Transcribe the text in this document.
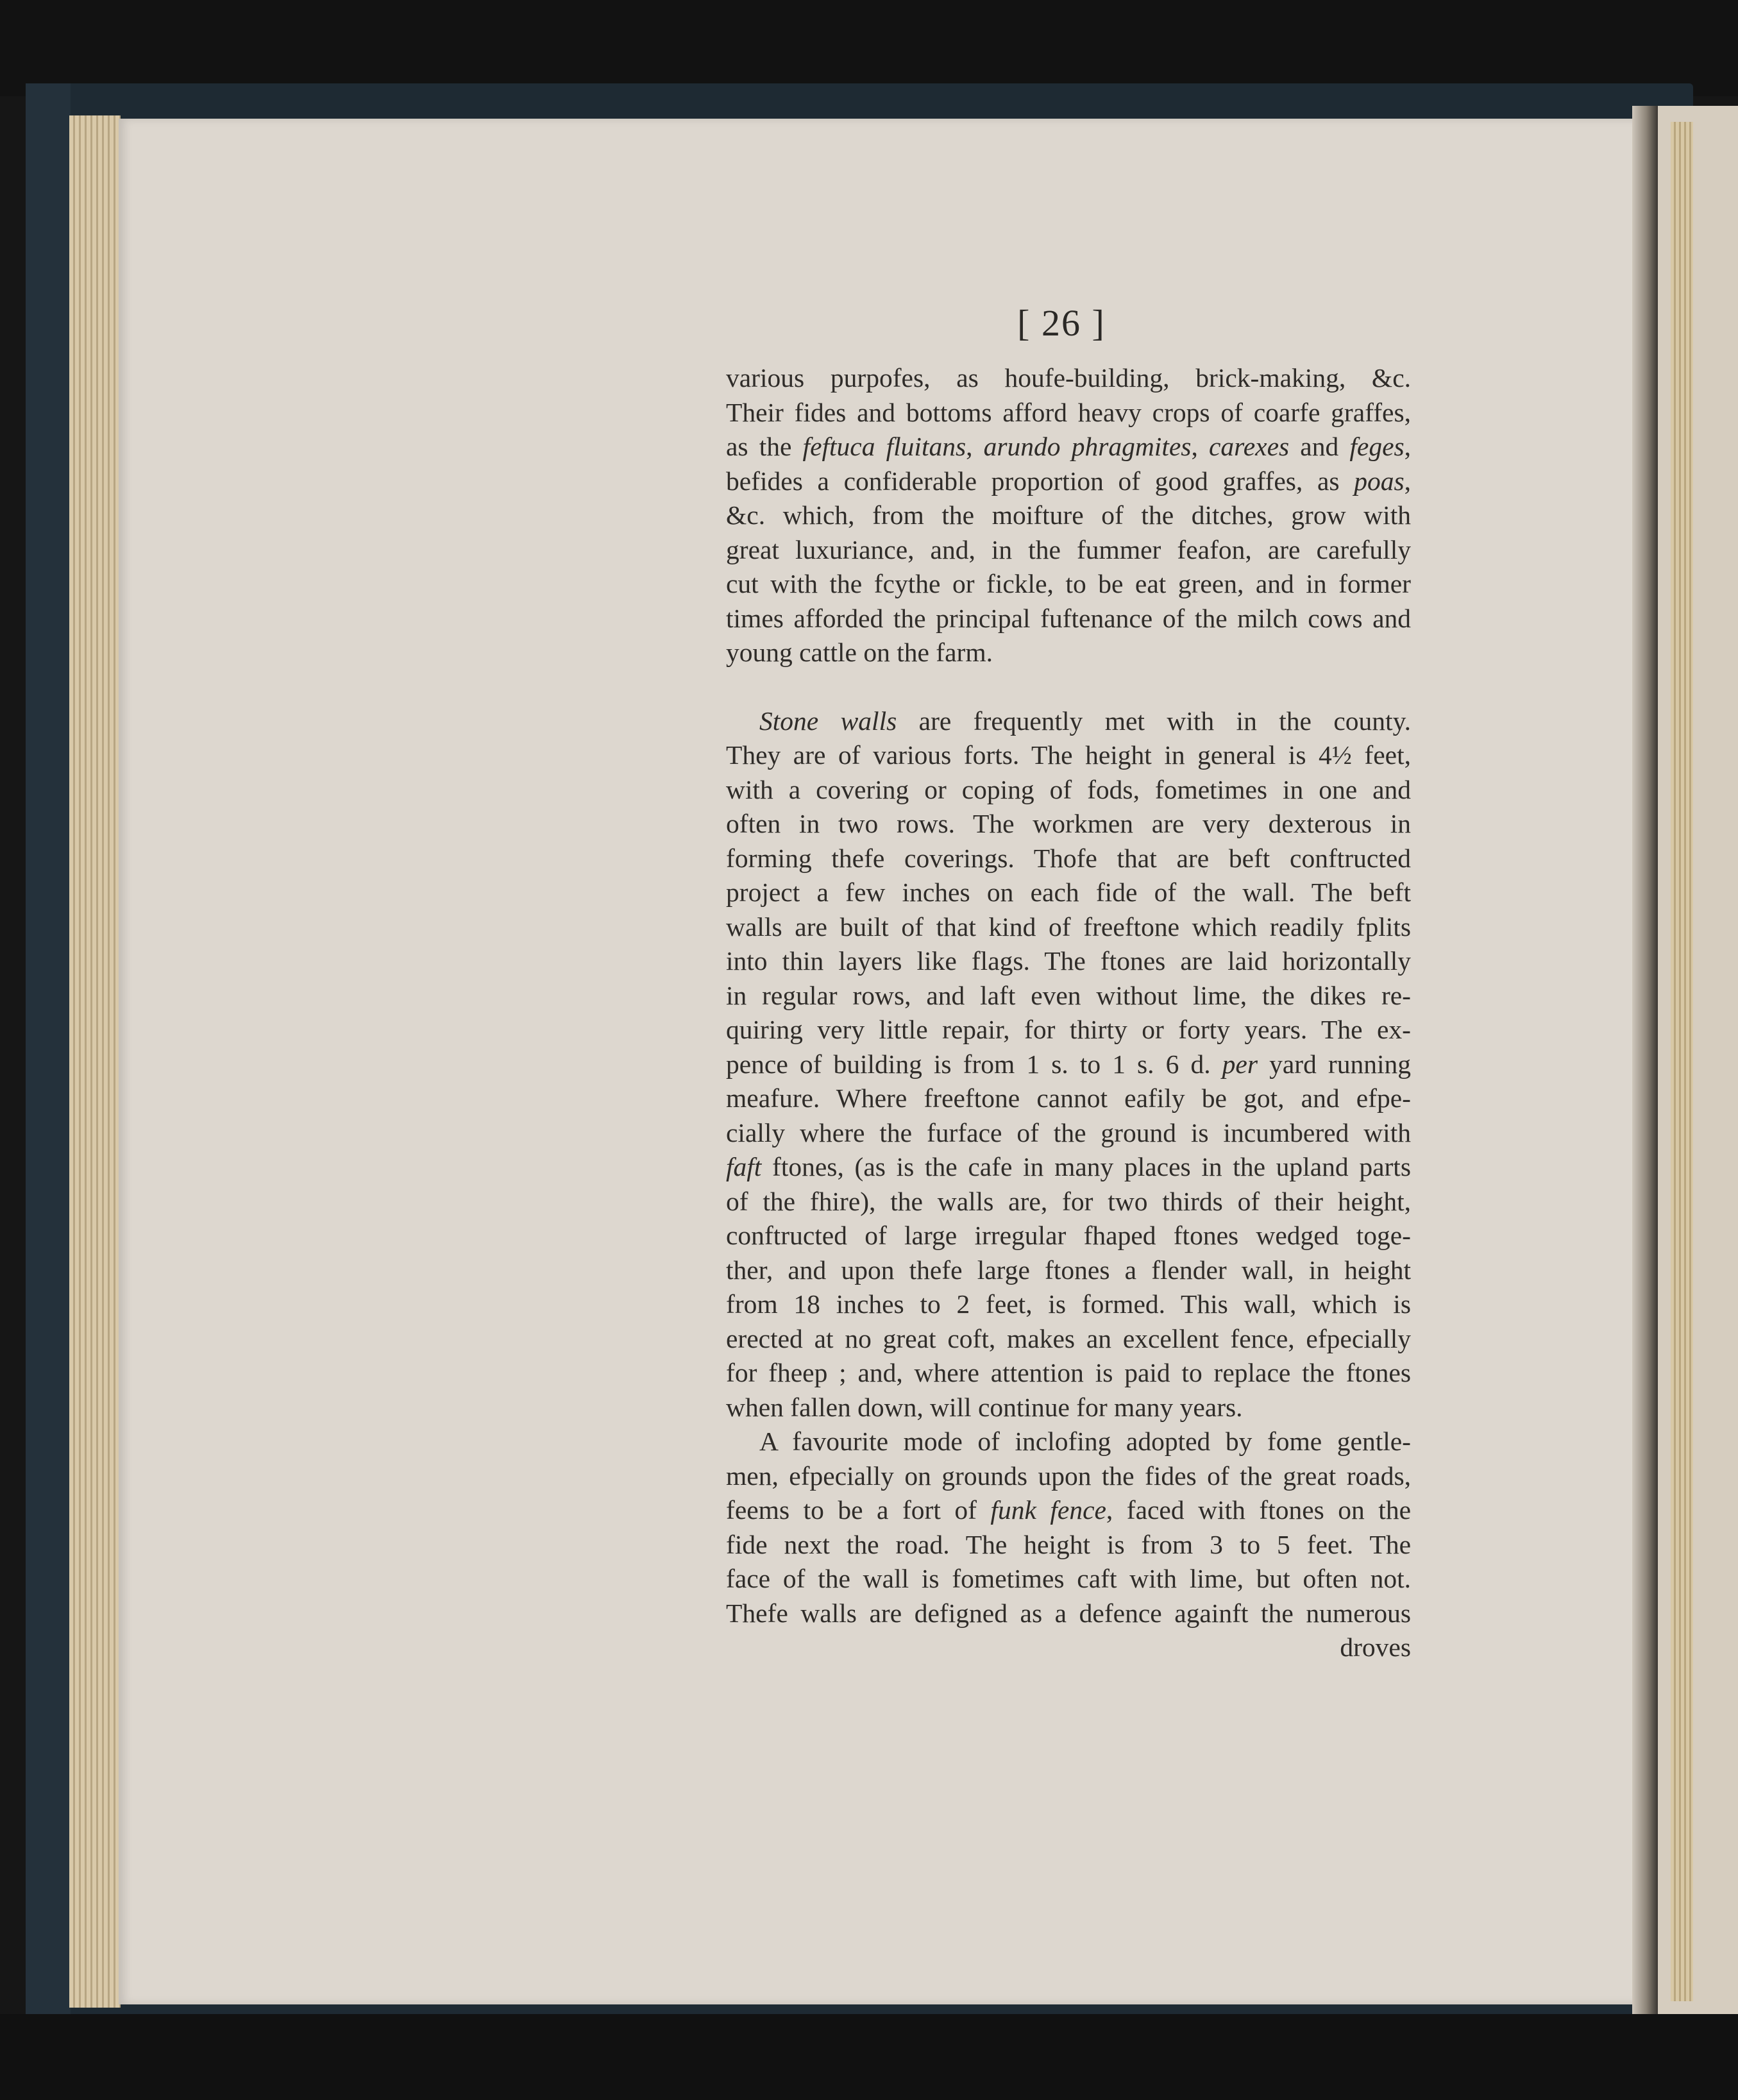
[ 26 ]
various purpofes, as houfe-building, brick-making, &c.
Their fides and bottoms afford heavy crops of coarfe graffes,
as the feftuca fluitans, arundo phragmites, carexes and feges,
befides a confiderable proportion of good graffes, as poas,
&c. which, from the moifture of the ditches, grow with
great luxuriance, and, in the fummer feafon, are carefully
cut with the fcythe or fickle, to be eat green, and in former
times afforded the principal fuftenance of the milch cows and
young cattle on the farm.
Stone walls are frequently met with in the county.
They are of various forts. The height in general is 4½ feet,
with a covering or coping of fods, fometimes in one and
often in two rows. The workmen are very dexterous in
forming thefe coverings. Thofe that are beft conftructed
project a few inches on each fide of the wall. The beft
walls are built of that kind of freeftone which readily fplits
into thin layers like flags. The ftones are laid horizontally
in regular rows, and laft even without lime, the dikes re-
quiring very little repair, for thirty or forty years. The ex-
pence of building is from 1 s. to 1 s. 6 d. per yard running
meafure. Where freeftone cannot eafily be got, and efpe-
cially where the furface of the ground is incumbered with
faft ftones, (as is the cafe in many places in the upland parts
of the fhire), the walls are, for two thirds of their height,
conftructed of large irregular fhaped ftones wedged toge-
ther, and upon thefe large ftones a flender wall, in height
from 18 inches to 2 feet, is formed. This wall, which is
erected at no great coft, makes an excellent fence, efpecially
for fheep ; and, where attention is paid to replace the ftones
when fallen down, will continue for many years.
A favourite mode of inclofing adopted by fome gentle-
men, efpecially on grounds upon the fides of the great roads,
feems to be a fort of funk fence, faced with ftones on the
fide next the road. The height is from 3 to 5 feet. The
face of the wall is fometimes caft with lime, but often not.
Thefe walls are defigned as a defence againft the numerous
droves
